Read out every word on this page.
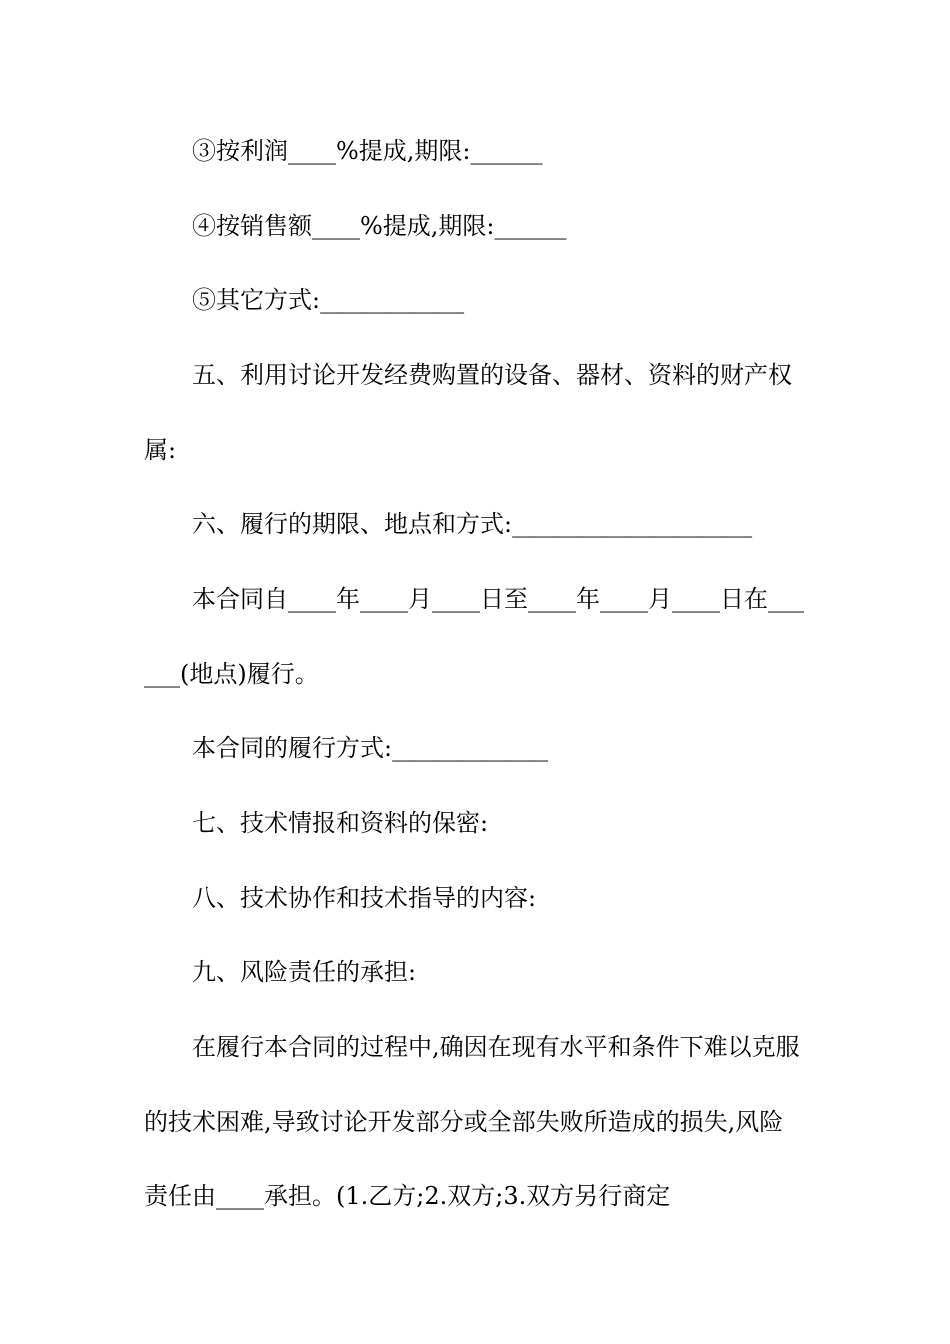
③按利润____%提成,期限:______
④按销售额____%提成,期限:______
⑤其它方式:____________
五、利用讨论开发经费购置的设备、器材、资料的财产权
属:
六、履行的期限、地点和方式:____________________
本合同自____年____月____日至____年____月____日在___
___(地点)履行。
本合同的履行方式:_____________
七、技术情报和资料的保密:
八、技术协作和技术指导的内容:
九、风险责任的承担:
在履行本合同的过程中,确因在现有水平和条件下难以克服
的技术困难,导致讨论开发部分或全部失败所造成的损失,风险
责任由____承担。(1.乙方;2.双方;3.双方另行商定
